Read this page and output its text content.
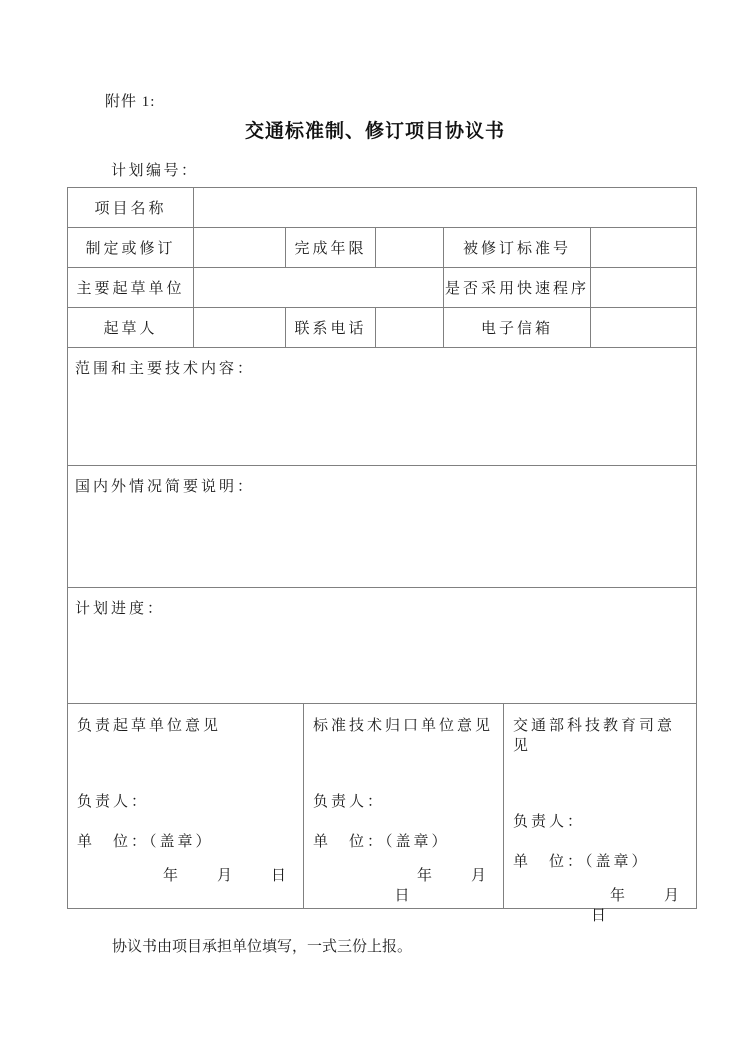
附件 1:
交通标准制、修订项目协议书
计划编号：
项目名称
制定或修订	完成年限	被修订标准号
主要起草单位	是否采用快速程序
起草人	联系电话	电子信箱
范围和主要技术内容：
国内外情况简要说明：
计划进度：
负责起草单位意见
负责人：
单　位：（盖章）
年　　月　　日
标准技术归口单位意见
负责人：
单　位：（盖章）
年　　月
日
交通部科技教育司意见
负责人：
单　位：（盖章）
年　　月
日
协议书由项目承担单位填写，一式三份上报。
